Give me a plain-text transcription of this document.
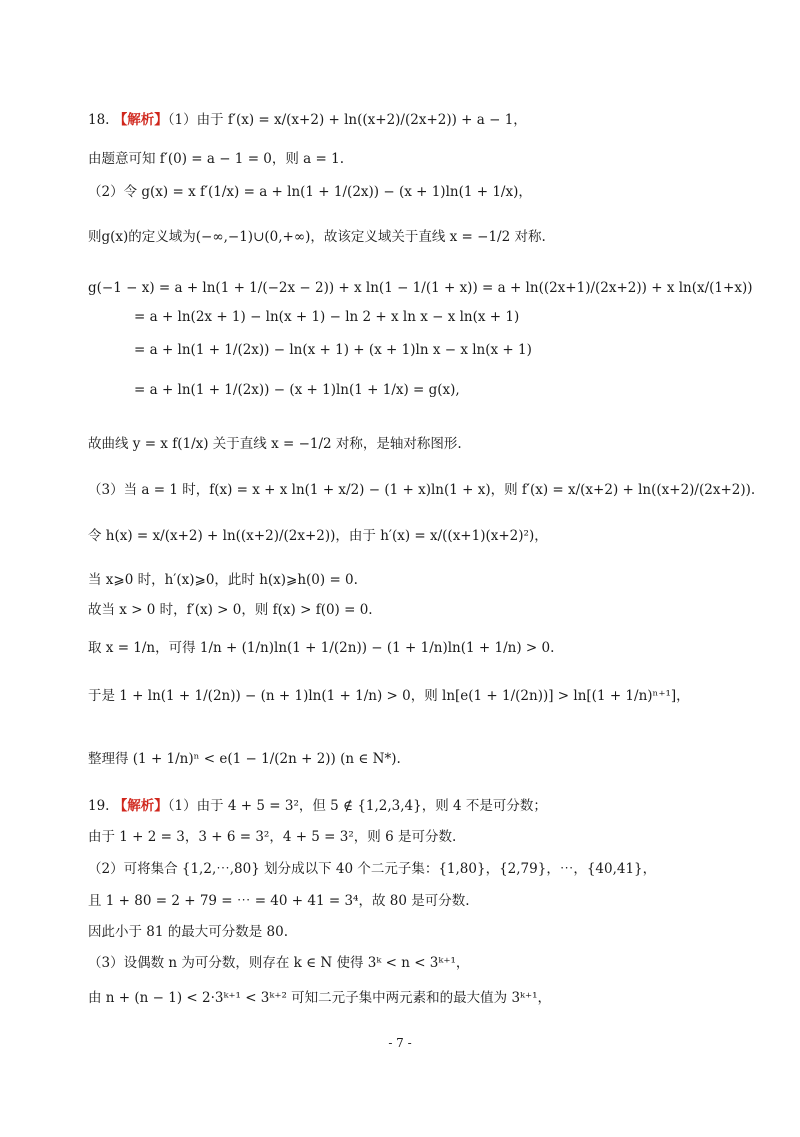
18. 【解析】（1）由于 f′(x) = x/(x+2) + ln((x+2)/(2x+2)) + a − 1，
由题意可知 f′(0) = a − 1 = 0，则 a = 1.
（2）令 g(x) = x f′(1/x) = a + ln(1 + 1/(2x)) − (x + 1)ln(1 + 1/x)，
则g(x)的定义域为(−∞,−1)∪(0,+∞)，故该定义域关于直线 x = −1/2 对称.
g(−1 − x) = a + ln(1 + 1/(−2x − 2)) + x ln(1 − 1/(1 + x)) = a + ln((2x+1)/(2x+2)) + x ln(x/(1+x))
= a + ln(2x + 1) − ln(x + 1) − ln 2 + x ln x − x ln(x + 1)
= a + ln(1 + 1/(2x)) − ln(x + 1) + (x + 1)ln x − x ln(x + 1)
= a + ln(1 + 1/(2x)) − (x + 1)ln(1 + 1/x) = g(x),
故曲线 y = x f(1/x) 关于直线 x = −1/2 对称，是轴对称图形.
（3）当 a = 1 时，f(x) = x + x ln(1 + x/2) − (1 + x)ln(1 + x)，则 f′(x) = x/(x+2) + ln((x+2)/(2x+2)).
令 h(x) = x/(x+2) + ln((x+2)/(2x+2))，由于 h′(x) = x/((x+1)(x+2)²)，
当 x⩾0 时，h′(x)⩾0，此时 h(x)⩾h(0) = 0.
故当 x > 0 时，f′(x) > 0，则 f(x) > f(0) = 0.
取 x = 1/n，可得 1/n + (1/n)ln(1 + 1/(2n)) − (1 + 1/n)ln(1 + 1/n) > 0.
于是 1 + ln(1 + 1/(2n)) − (n + 1)ln(1 + 1/n) > 0，则 ln[e(1 + 1/(2n))] > ln[(1 + 1/n)ⁿ⁺¹]，
整理得 (1 + 1/n)ⁿ < e(1 − 1/(2n + 2)) (n ∈ N*).
19. 【解析】（1）由于 4 + 5 = 3²，但 5 ∉ {1,2,3,4}，则 4 不是可分数；
由于 1 + 2 = 3，3 + 6 = 3²，4 + 5 = 3²，则 6 是可分数.
（2）可将集合 {1,2,⋯,80} 划分成以下 40 个二元子集：{1,80}，{2,79}，⋯，{40,41}，
且 1 + 80 = 2 + 79 = ⋯ = 40 + 41 = 3⁴，故 80 是可分数.
因此小于 81 的最大可分数是 80.
（3）设偶数 n 为可分数，则存在 k ∈ N 使得 3ᵏ < n < 3ᵏ⁺¹，
由 n + (n − 1) < 2·3ᵏ⁺¹ < 3ᵏ⁺² 可知二元子集中两元素和的最大值为 3ᵏ⁺¹，
- 7 -
